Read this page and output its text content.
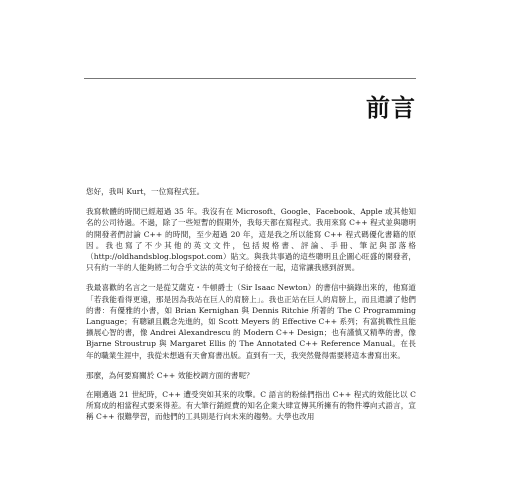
前言

您好，我叫 Kurt，一位寫程式狂。

我寫軟體的時間已經超過 35 年。我沒有在 Microsoft、Google、Facebook、Apple 或其他知名的公司待過。不過，除了一些短暫的假期外，我每天都在寫程式。我用來寫 C++ 程式並與聰明的開發者們討論 C++ 的時間，至少超過 20 年，這是我之所以能寫 C++ 程式碼優化書籍的原因。我也寫了不少其他的英文文件，包括規格書、評論、手冊、筆記與部落格（http://oldhandsblog.blogspot.com）貼文。與我共事過的這些聰明且企圖心旺盛的開發者，只有約一半的人能夠將二句合乎文法的英文句子給接在一起，這常讓我感到訝異。

我最喜歡的名言之一是從艾薩克・牛頓爵士（Sir Isaac Newton）的書信中摘錄出來的，他寫道「若我能看得更遠，那是因為我站在巨人的肩膀上」。我也正站在巨人的肩膀上，而且還讀了他們的書：有優雅的小書，如 Brian Kernighan 與 Dennis Ritchie 所著的 The C Programming Language；有聰穎且觀念先進的，如 Scott Meyers 的 Effective C++ 系列；有富挑戰性且能擴展心智的書，像 Andrei Alexandrescu 的 Modern C++ Design；也有謹慎又精準的書，像 Bjarne Stroustrup 與 Margaret Ellis 的 The Annotated C++ Reference Manual。在長年的職業生涯中，我從未想過有天會寫書出版。直到有一天，我突然覺得需要將這本書寫出來。

那麼，為何要寫關於 C++ 效能校調方面的書呢？

在剛邁過 21 世紀時，C++ 遭受突如其來的攻擊。C 語言的粉絲們指出 C++ 程式的效能比以 C 所寫成的相當程式要來得差。有大筆行銷經費的知名企業大肆宣傳其所擁有的物件導向式語言，宣稱 C++ 很難學習，而他們的工具則是行向未來的趨勢。大學也改用
